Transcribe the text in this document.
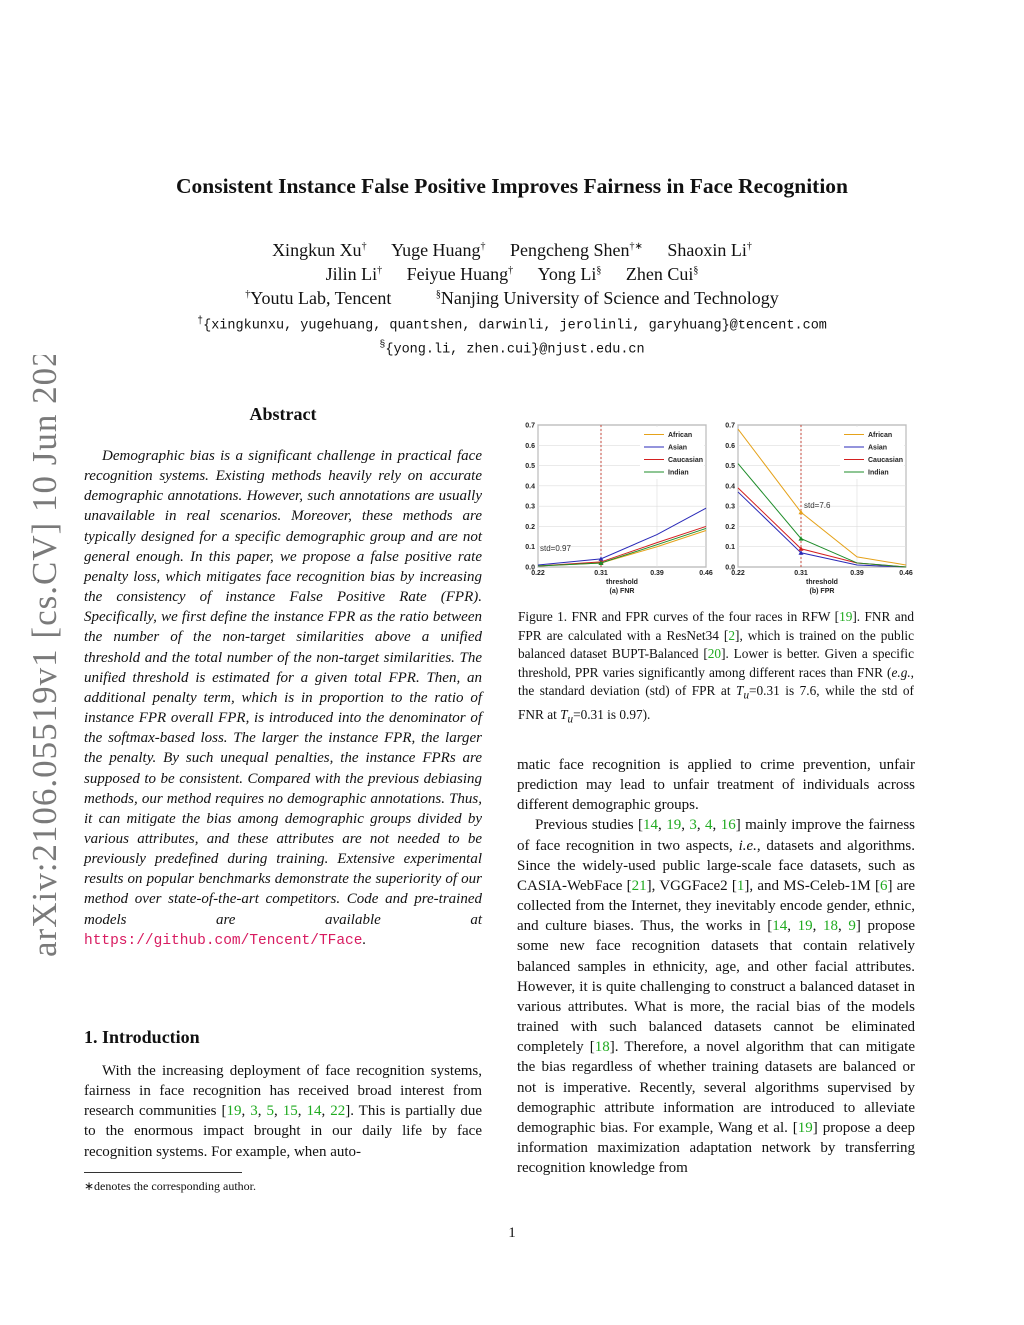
arXiv:2106.05519v1 [cs.CV] 10 Jun 2021
Consistent Instance False Positive Improves Fairness in Face Recognition
Xingkun Xu† Yuge Huang† Pengcheng Shen†∗ Shaoxin Li†
Jilin Li† Feiyue Huang† Yong Li§ Zhen Cui§
†Youtu Lab, Tencent	§Nanjing University of Science and Technology
†{xingkunxu, yugehuang, quantshen, darwinli, jerolinli, garyhuang}@tencent.com
§{yong.li, zhen.cui}@njust.edu.cn
Abstract

Demographic bias is a significant challenge in practical face recognition systems. Existing methods heavily rely on accurate demographic annotations. However, such annotations are usually unavailable in real scenarios. Moreover, these methods are typically designed for a specific demographic group and are not general enough. In this paper, we propose a false positive rate penalty loss, which mitigates face recognition bias by increasing the consistency of instance False Positive Rate (FPR). Specifically, we first define the instance FPR as the ratio between the number of the non-target similarities above a unified threshold and the total number of the non-target similarities. The unified threshold is estimated for a given total FPR. Then, an additional penalty term, which is in proportion to the ratio of instance FPR overall FPR, is introduced into the denominator of the softmax-based loss. The larger the instance FPR, the larger the penalty. By such unequal penalties, the instance FPRs are supposed to be consistent. Compared with the previous debiasing methods, our method requires no demographic annotations. Thus, it can mitigate the bias among demographic groups divided by various attributes, and these attributes are not needed to be previously predefined during training. Extensive experimental results on popular benchmarks demonstrate the superiority of our method over state-of-the-art competitors. Code and pre-trained models are available at https://github.com/Tencent/TFace.

1. Introduction

With the increasing deployment of face recognition systems, fairness in face recognition has received broad interest from research communities [19, 3, 5, 15, 14, 22]. This is partially due to the enormous impact brought in our daily life by face recognition systems. For example, when auto-

∗denotes the corresponding author.
0.0
0.1
0.2
0.3
0.4
0.5
0.6
0.7
0.22	0.31	0.39	0.46
std=0.97
African
Asian
Caucasian
Indian
threshold
(a) FNR
0.0
0.1
0.2
0.3
0.4
0.5
0.6
0.7
0.22	0.31	0.39	0.46
std=7.6
African
Asian
Caucasian
Indian
threshold
(b) FPR
Figure 1. FNR and FPR curves of the four races in RFW [19]. FNR and FPR are calculated with a ResNet34 [2], which is trained on the public balanced dataset BUPT-Balanced [20]. Lower is better. Given a specific threshold, PPR varies significantly among different races than FNR (e.g., the standard deviation (std) of FPR at $T_u=0.31$ is 7.6, while the std of FNR at $T_u=0.31$ is 0.97).

matic face recognition is applied to crime prevention, unfair prediction may lead to unfair treatment of individuals across different demographic groups.

Previous studies [14, 19, 3, 4, 16] mainly improve the fairness of face recognition in two aspects, i.e., datasets and algorithms. Since the widely-used public large-scale face datasets, such as CASIA-WebFace [21], VGGFace2 [1], and MS-Celeb-1M [6] are collected from the Internet, they inevitably encode gender, ethnic, and culture biases. Thus, the works in [14, 19, 18, 9] propose some new face recognition datasets that contain relatively balanced samples in ethnicity, age, and other facial attributes. However, it is quite challenging to construct a balanced dataset in various attributes. What is more, the racial bias of the models trained with such balanced datasets cannot be eliminated completely [18]. Therefore, a novel algorithm that can mitigate the bias regardless of whether training datasets are balanced or not is imperative. Recently, several algorithms supervised by demographic attribute information are introduced to alleviate demographic bias. For example, Wang et al. [19] propose a deep information maximization adaptation network by transferring recognition knowledge from

1
